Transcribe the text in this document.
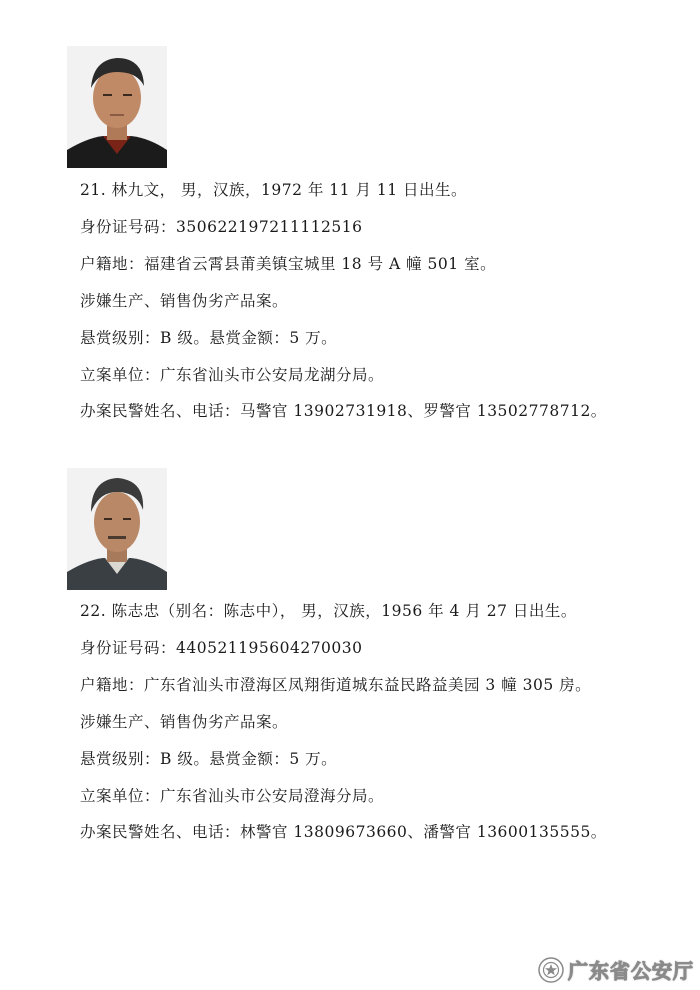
21. 林九文， 男，汉族，1972 年 11 月 11 日出生。
身份证号码：350622197211112516
户籍地：福建省云霄县莆美镇宝城里 18 号 A 幢 501 室。
涉嫌生产、销售伪劣产品案。
悬赏级别：B 级。悬赏金额：5 万。
立案单位：广东省汕头市公安局龙湖分局。
办案民警姓名、电话：马警官 13902731918、罗警官 13502778712。
22. 陈志忠（别名：陈志中）， 男，汉族，1956 年 4 月 27 日出生。
身份证号码：440521195604270030
户籍地：广东省汕头市澄海区凤翔街道城东益民路益美园 3 幢 305 房。
涉嫌生产、销售伪劣产品案。
悬赏级别：B 级。悬赏金额：5 万。
立案单位：广东省汕头市公安局澄海分局。
办案民警姓名、电话：林警官 13809673660、潘警官 13600135555。
广东省公安厅
